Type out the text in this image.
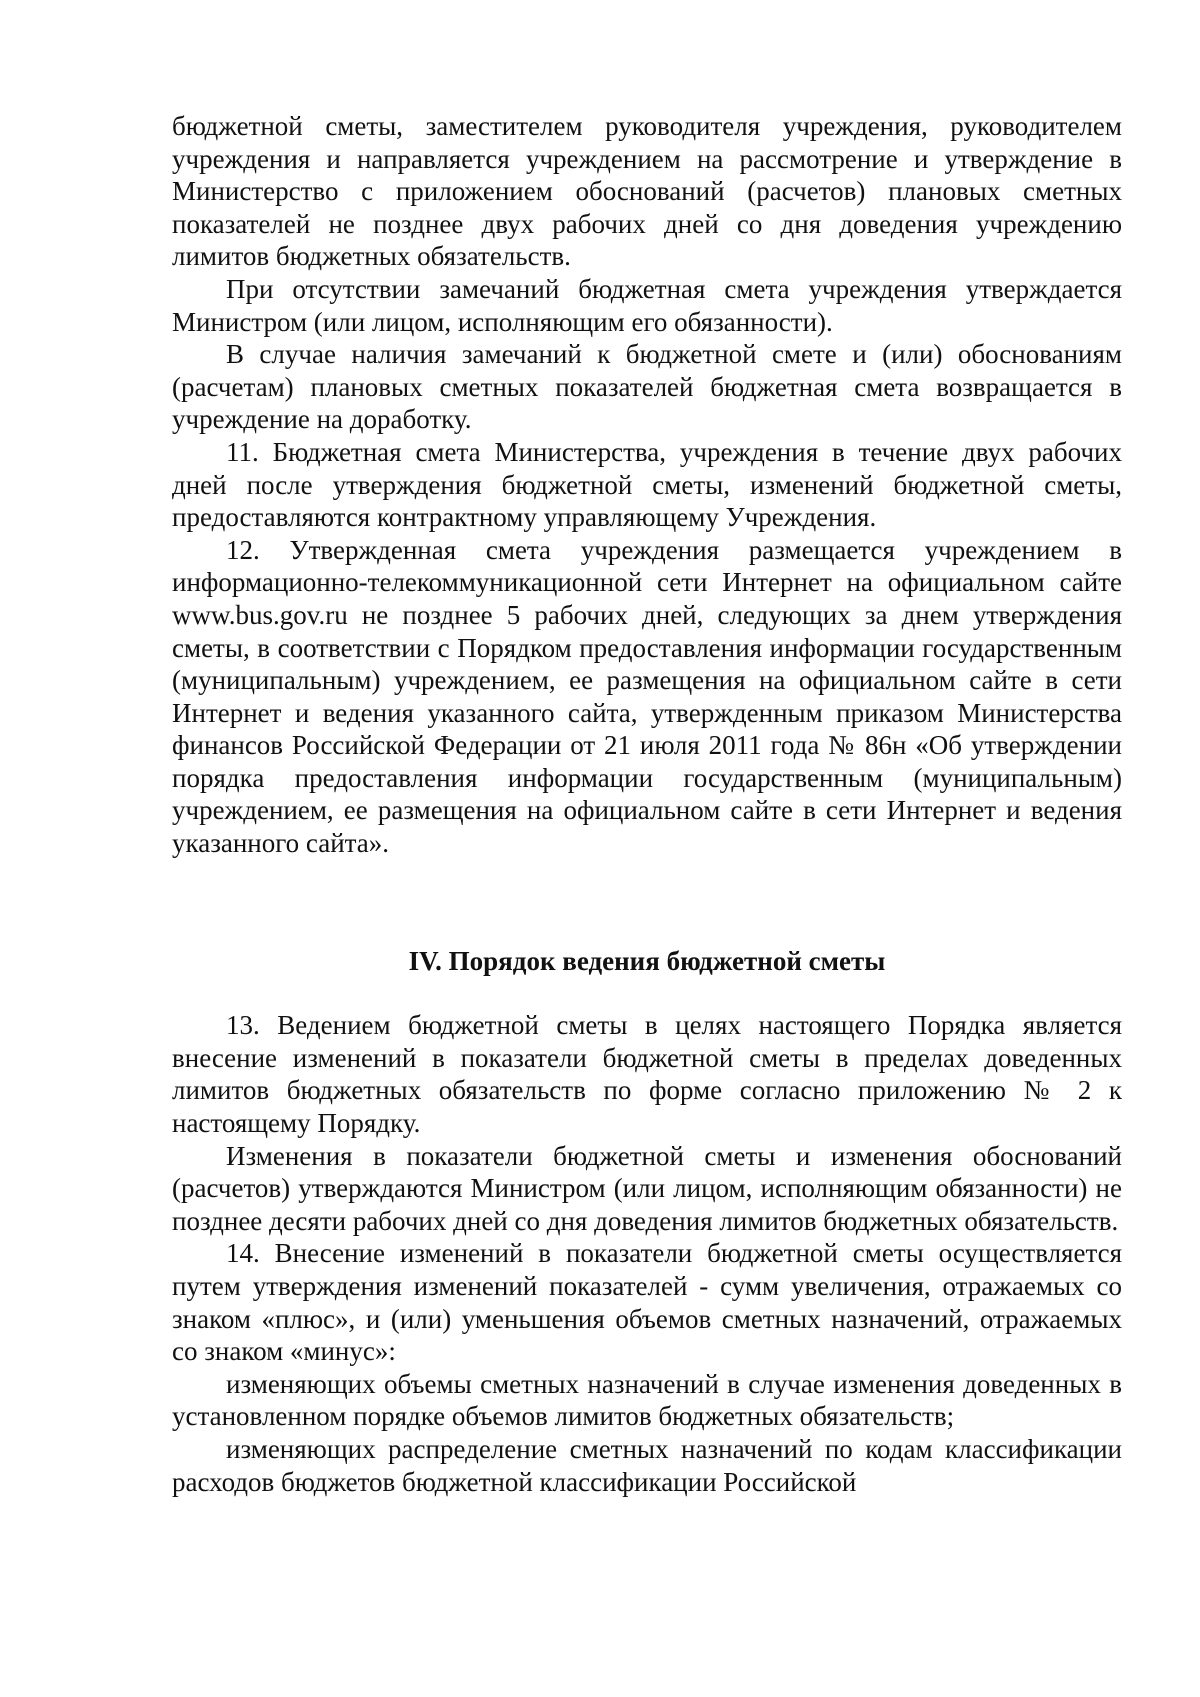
бюджетной сметы, заместителем руководителя учреждения, руководителем учреждения и направляется учреждением на рассмотрение и утверждение в Министерство с приложением обоснований (расчетов) плановых сметных показателей не позднее двух рабочих дней со дня доведения учреждению лимитов бюджетных обязательств.

При отсутствии замечаний бюджетная смета учреждения утверждается Министром (или лицом, исполняющим его обязанности).

В случае наличия замечаний к бюджетной смете и (или) обоснованиям (расчетам) плановых сметных показателей бюджетная смета возвращается в учреждение на доработку.

11. Бюджетная смета Министерства, учреждения в течение двух рабочих дней после утверждения бюджетной сметы, изменений бюджетной сметы, предоставляются контрактному управляющему Учреждения.

12. Утвержденная смета учреждения размещается учреждением в информационно-телекоммуникационной сети Интернет на официальном сайте www.bus.gov.ru не позднее 5 рабочих дней, следующих за днем утверждения сметы, в соответствии с Порядком предоставления информации государственным (муниципальным) учреждением, ее размещения на официальном сайте в сети Интернет и ведения указанного сайта, утвержденным приказом Министерства финансов Российской Федерации от 21 июля 2011 года № 86н «Об утверждении порядка предоставления информации государственным (муниципальным) учреждением, ее размещения на официальном сайте в сети Интернет и ведения указанного сайта».

IV. Порядок ведения бюджетной сметы

13. Ведением бюджетной сметы в целях настоящего Порядка является внесение изменений в показатели бюджетной сметы в пределах доведенных лимитов бюджетных обязательств по форме согласно приложению № 2 к настоящему Порядку.

Изменения в показатели бюджетной сметы и изменения обоснований (расчетов) утверждаются Министром (или лицом, исполняющим обязанности) не позднее десяти рабочих дней со дня доведения лимитов бюджетных обязательств.

14. Внесение изменений в показатели бюджетной сметы осуществляется путем утверждения изменений показателей - сумм увеличения, отражаемых со знаком «плюс», и (или) уменьшения объемов сметных назначений, отражаемых со знаком «минус»:

изменяющих объемы сметных назначений в случае изменения доведенных в установленном порядке объемов лимитов бюджетных обязательств;

изменяющих распределение сметных назначений по кодам классификации расходов бюджетов бюджетной классификации Российской
